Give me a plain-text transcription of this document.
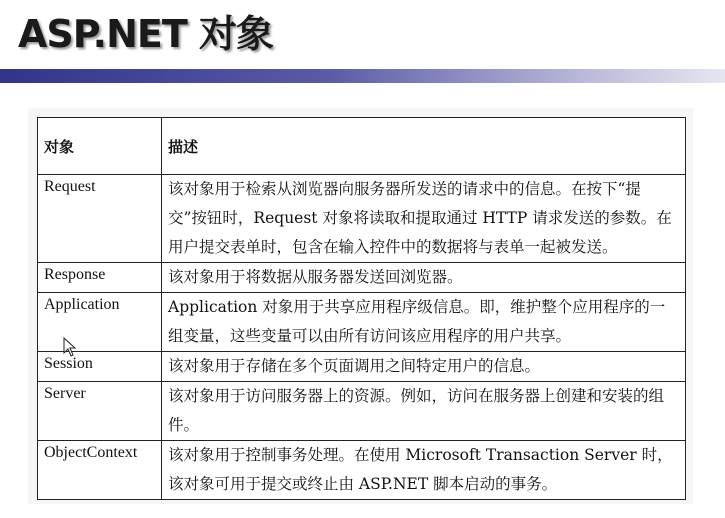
ASP.NET 对象
对象	描述
Request	该对象用于检索从浏览器向服务器所发送的请求中的信息。在按下“提交”按钮时，Request 对象将读取和提取通过 HTTP 请求发送的参数。在用户提交表单时，包含在输入控件中的数据将与表单一起被发送。
Response	该对象用于将数据从服务器发送回浏览器。
Application	Application 对象用于共享应用程序级信息。即，维护整个应用程序的一组变量，这些变量可以由所有访问该应用程序的用户共享。
Session	该对象用于存储在多个页面调用之间特定用户的信息。
Server	该对象用于访问服务器上的资源。例如，访问在服务器上创建和安装的组件。
ObjectContext	该对象用于控制事务处理。在使用 Microsoft Transaction Server 时，该对象可用于提交或终止由 ASP.NET 脚本启动的事务。
